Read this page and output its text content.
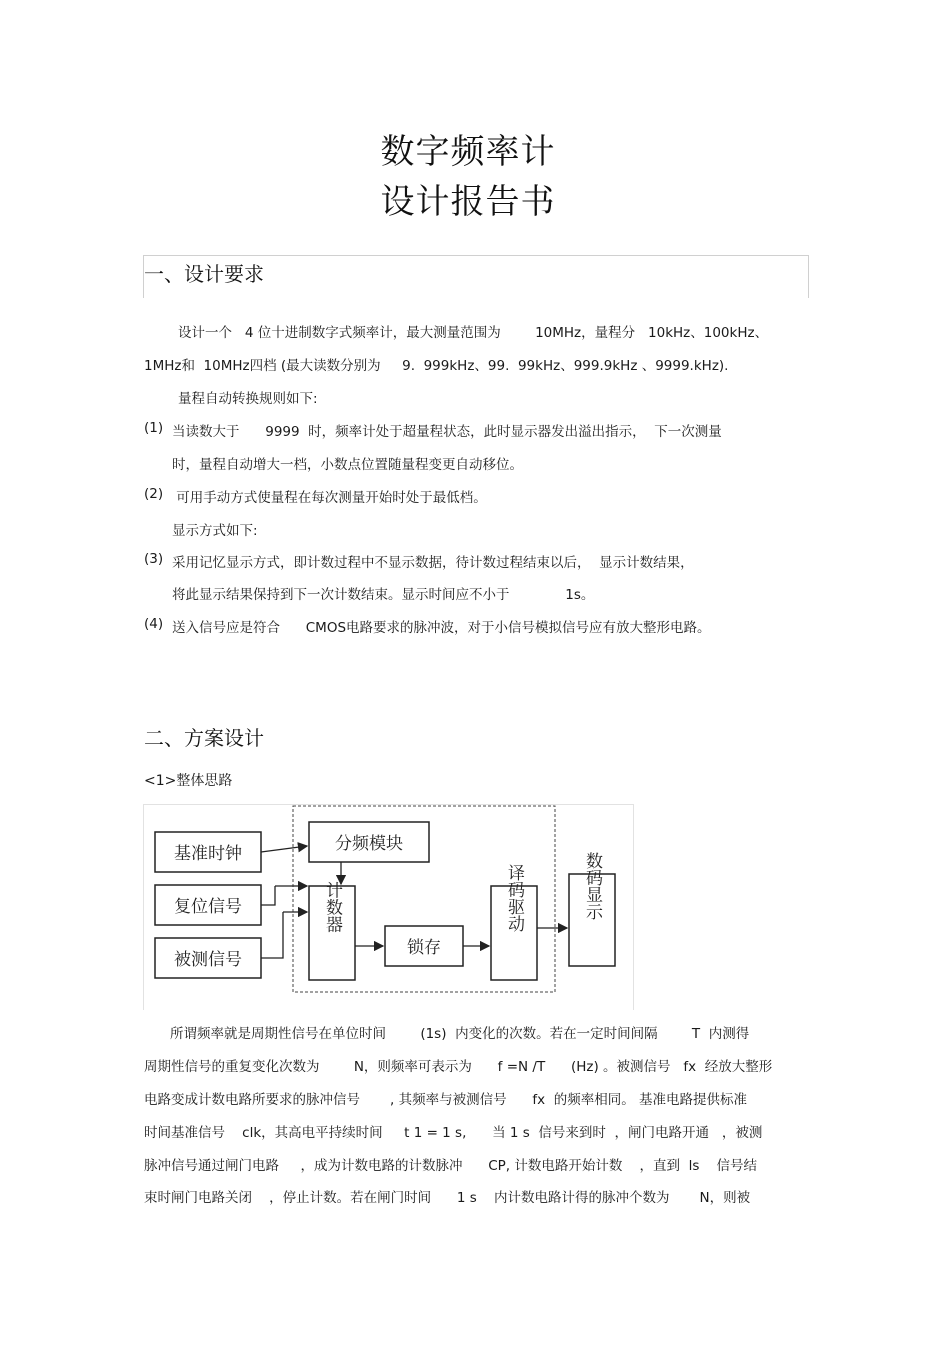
数字频率计
设计报告书
一、设计要求
设计一个   4 位十进制数字式频率计，最大测量范围为        10MHz，量程分   10kHz、100kHz、
1MHz和  10MHz四档 (最大读数分别为     9.  999kHz、99.  99kHz、999.9kHz 、9999.kHz).
量程自动转换规则如下:
(1) 当读数大于      9999  时，频率计处于超量程状态，此时显示器发出溢出指示，  下一次测量
时，量程自动增大一档，小数点位置随量程变更自动移位。
(2) 可用手动方式使量程在每次测量开始时处于最低档。
显示方式如下:
(3) 采用记忆显示方式，即计数过程中不显示数据，待计数过程结束以后，  显示计数结果，
将此显示结果保持到下一次计数结束。显示时间应不小于             1s。
(4) 送入信号应是符合      CMOS电路要求的脉冲波，对于小信号模拟信号应有放大整形电路。
二、方案设计
<1>整体思路
基准时钟
复位信号
被测信号
分频模块
计数器
锁存
译码驱动	数码显示
所谓频率就是周期性信号在单位时间        (1s)  内变化的次数。若在一定时间间隔        T  内测得
周期性信号的重复变化次数为        N，则频率可表示为      f =N /T      (Hz) 。被测信号   fx  经放大整形
电路变成计数电路所要求的脉冲信号       , 其频率与被测信号      fx  的频率相同。 基准电路提供标准
时间基准信号    clk，其高电平持续时间     t 1 = 1 s,      当 1 s  信号来到时  ，闸门电路开通   ，被测
脉冲信号通过闸门电路     ，成为计数电路的计数脉冲      CP, 计数电路开始计数    ，直到  ls    信号结
束时闸门电路关闭    ，停止计数。若在闸门时间      1 s    内计数电路计得的脉冲个数为       N，则被
